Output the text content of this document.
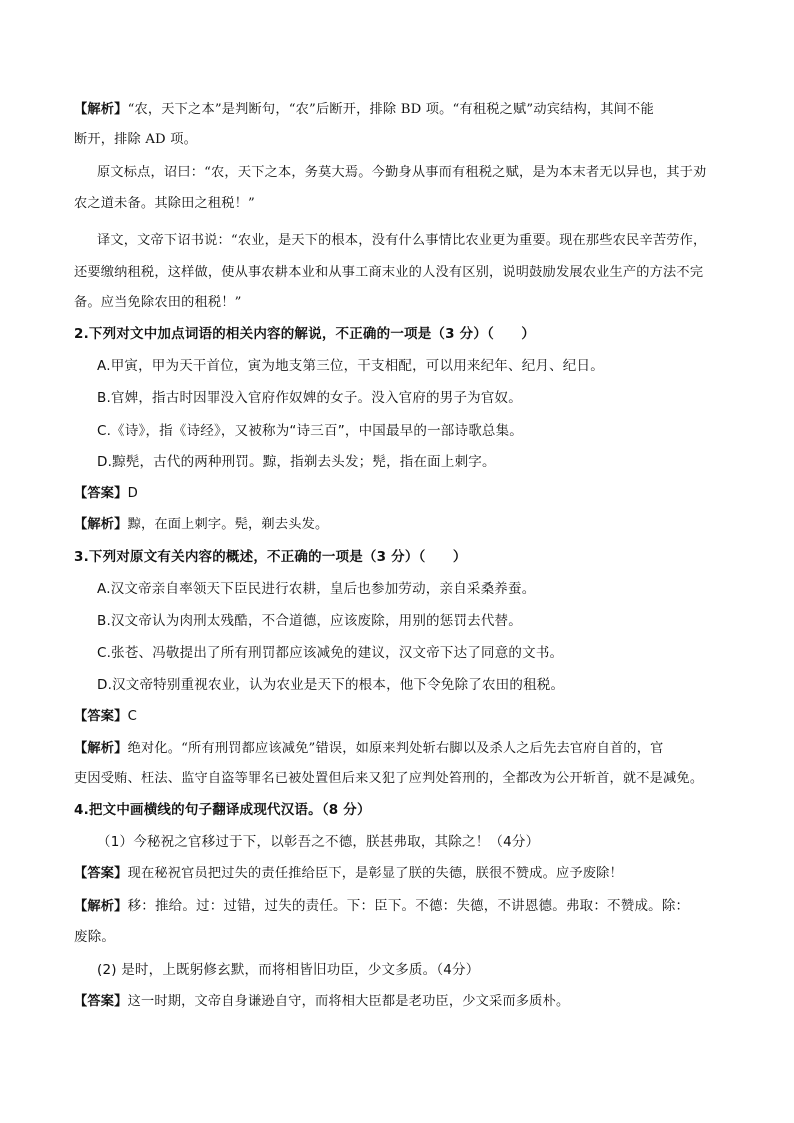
【解析】“农，天下之本”是判断句，“农”后断开，排除 BD 项。“有租税之赋”动宾结构，其间不能
断开，排除 AD 项。
原文标点，诏曰：“农，天下之本，务莫大焉。今勤身从事而有租税之赋，是为本末者无以异也，其于劝
农之道未备。其除田之租税！”
译文，文帝下诏书说：“农业，是天下的根本，没有什么事情比农业更为重要。现在那些农民辛苦劳作，
还要缴纳租税，这样做，使从事农耕本业和从事工商末业的人没有区别，说明鼓励发展农业生产的方法不完
备。应当免除农田的租税！”
2.下列对文中加点词语的相关内容的解说，不正确的一项是（3 分）（　　）
A.甲寅，甲为天干首位，寅为地支第三位，干支相配，可以用来纪年、纪月、纪日。
B.官婢，指古时因罪没入官府作奴婢的女子。没入官府的男子为官奴。
C.《诗》，指《诗经》，又被称为“诗三百”，中国最早的一部诗歌总集。
D.黥髡，古代的两种刑罚。黥，指剃去头发；髡，指在面上刺字。
【答案】D
【解析】黥，在面上刺字。髡，剃去头发。
3.下列对原文有关内容的概述，不正确的一项是（3 分）（　　）
A.汉文帝亲自率领天下臣民进行农耕，皇后也参加劳动，亲自采桑养蚕。
B.汉文帝认为肉刑太残酷，不合道德，应该废除，用别的惩罚去代替。
C.张苍、冯敬提出了所有刑罚都应该减免的建议，汉文帝下达了同意的文书。
D.汉文帝特别重视农业，认为农业是天下的根本，他下令免除了农田的租税。
【答案】C
【解析】绝对化。“所有刑罚都应该减免”错误，如原来判处斩右脚以及杀人之后先去官府自首的，官
吏因受贿、枉法、监守自盗等罪名已被处置但后来又犯了应判处笞刑的，全都改为公开斩首，就不是减免。
4.把文中画横线的句子翻译成现代汉语。（8 分）
（1）今秘祝之官移过于下，以彰吾之不德，朕甚弗取，其除之！（4分）
【答案】现在秘祝官员把过失的责任推给臣下，是彰显了朕的失德，朕很不赞成。应予废除！
【解析】移：推给。过：过错，过失的责任。下：臣下。不德：失德，不讲恩德。弗取：不赞成。除：
废除。
(2) 是时，上既躬修玄默，而将相皆旧功臣，少文多质。（4分）
【答案】这一时期，文帝自身谦逊自守，而将相大臣都是老功臣，少文采而多质朴。
